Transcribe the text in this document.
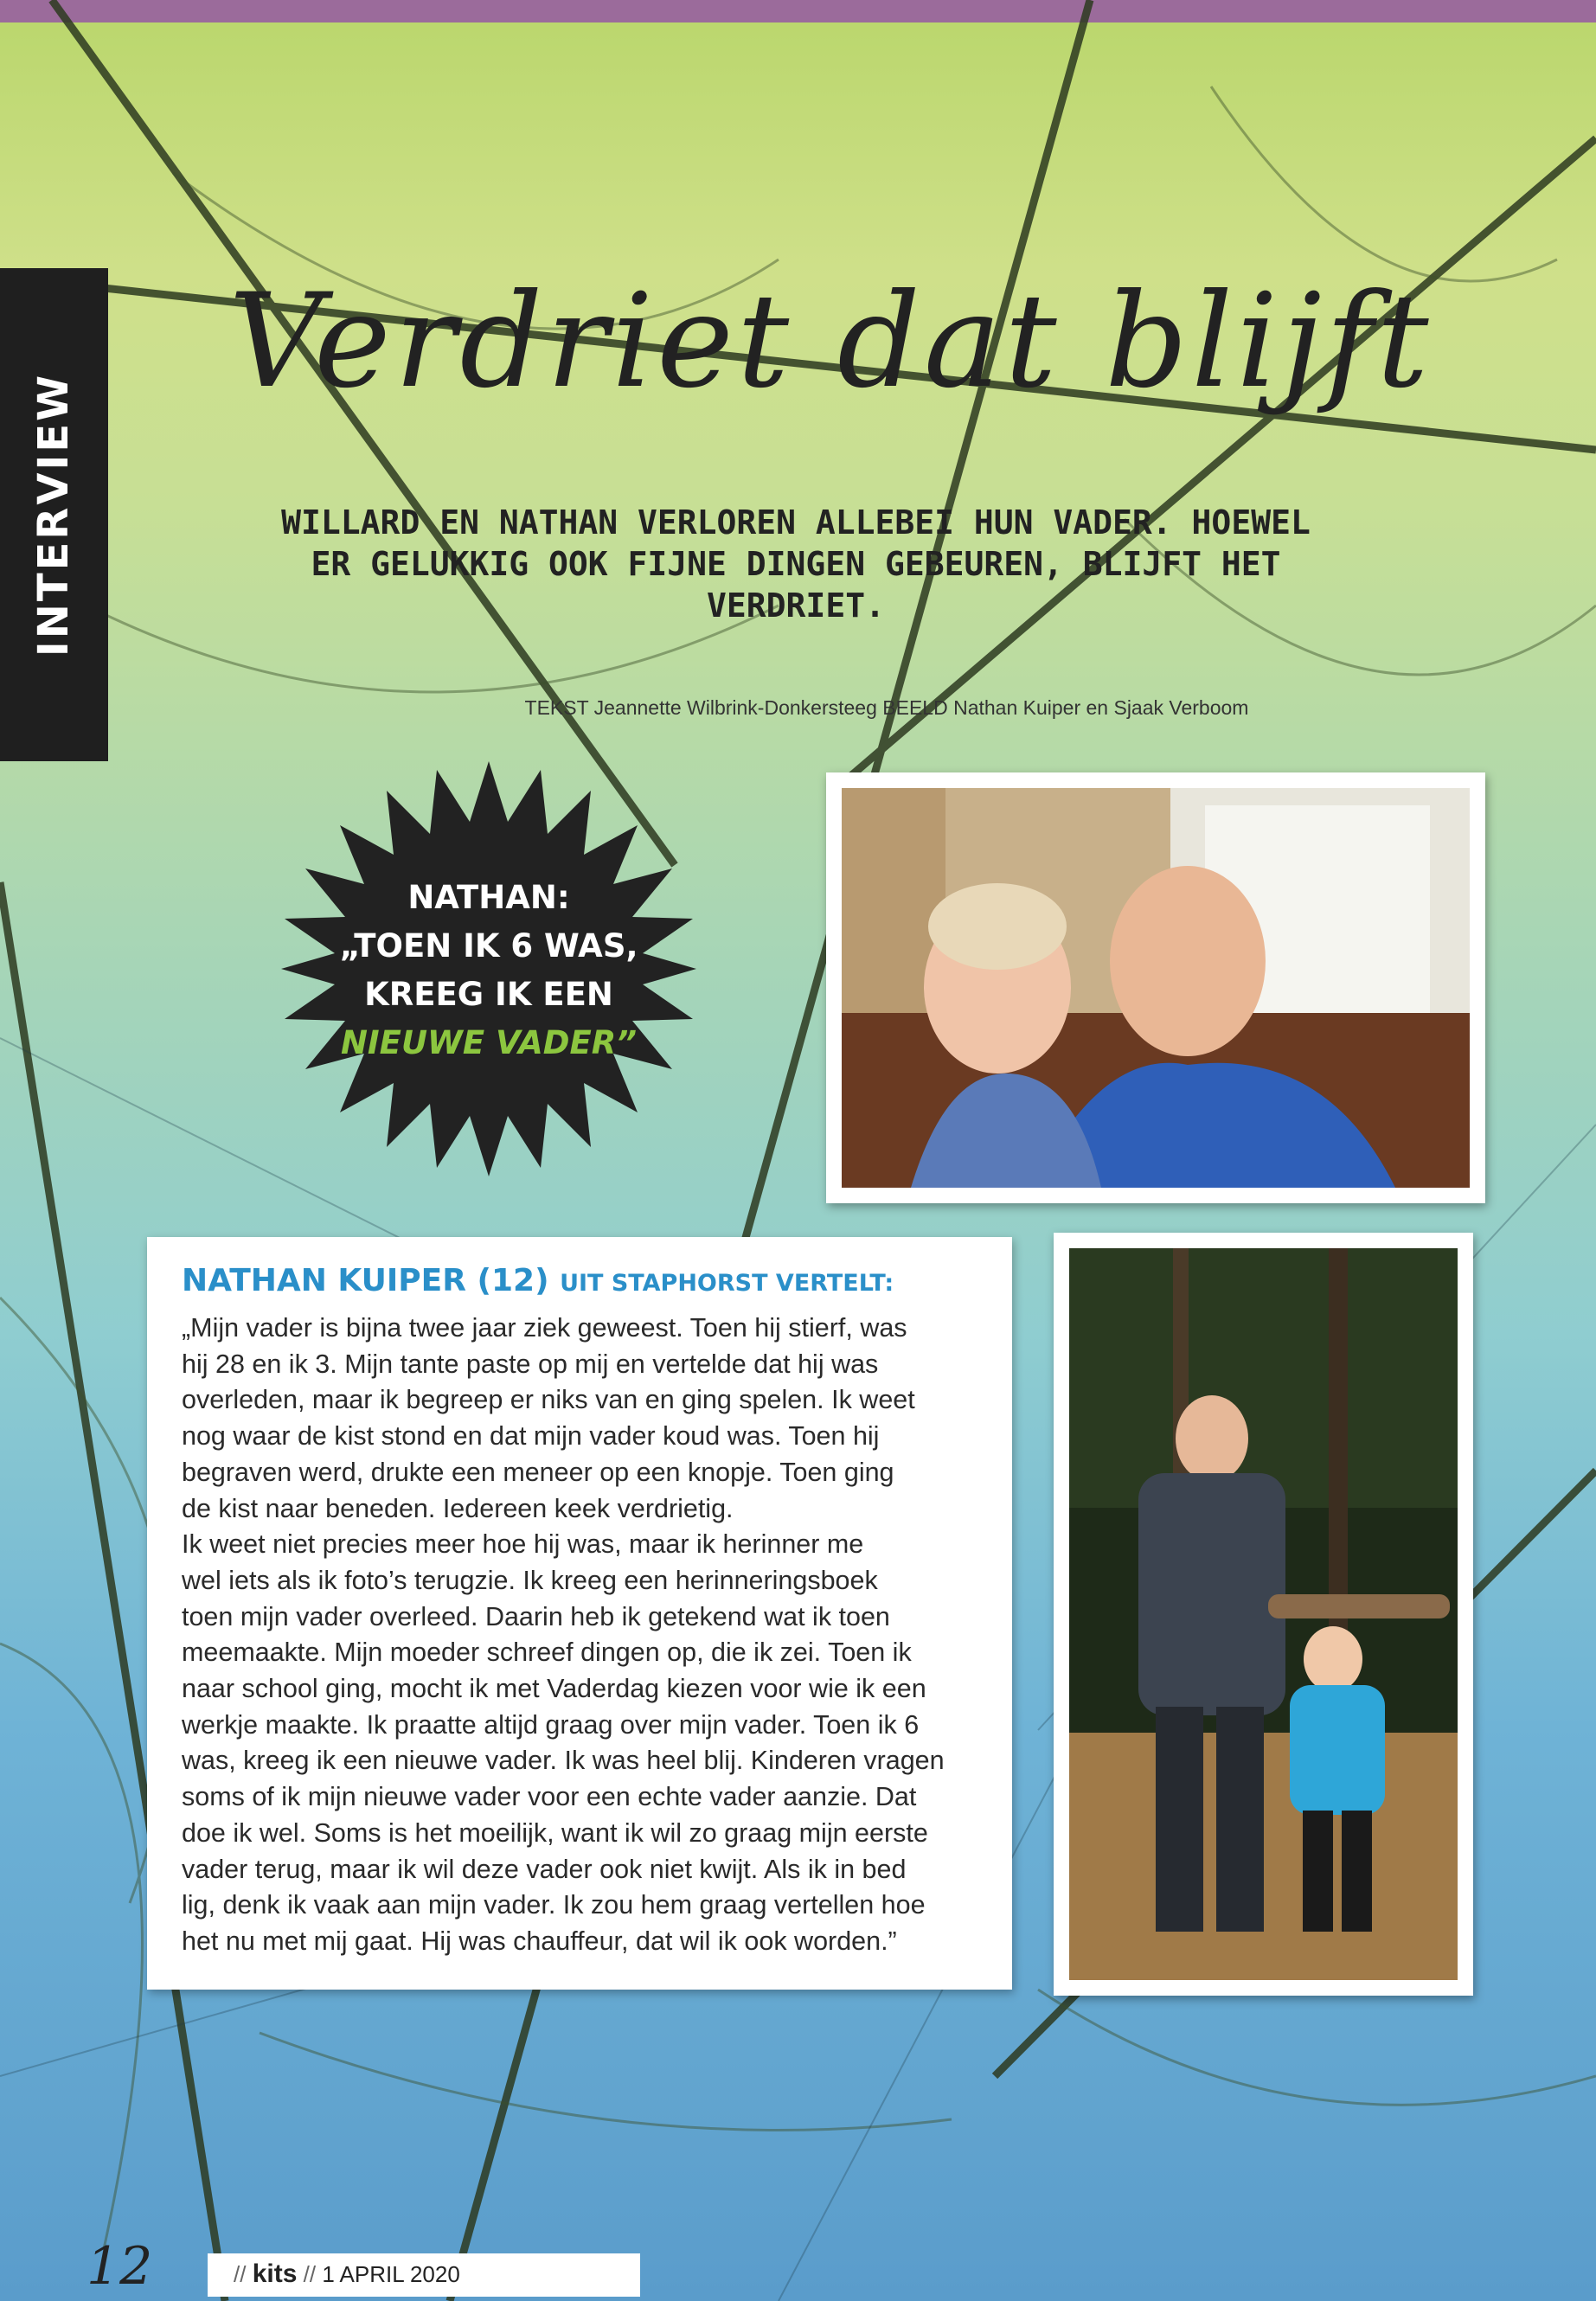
INTERVIEW
Verdriet dat blijft
WILLARD EN NATHAN VERLOREN ALLEBEI HUN VADER. HOEWEL ER GELUKKIG OOK FIJNE DINGEN GEBEUREN, BLIJFT HET VERDRIET.
TEKST Jeannette Wilbrink-Donkersteeg BEELD Nathan Kuiper en Sjaak Verboom
NATHAN:
„TOEN IK 6 WAS,
KREEG IK EEN
NIEUWE VADER”
NATHAN KUIPER (12) UIT STAPHORST VERTELT:
„Mijn vader is bijna twee jaar ziek geweest. Toen hij stierf, was
hij 28 en ik 3. Mijn tante paste op mij en vertelde dat hij was
overleden, maar ik begreep er niks van en ging spelen. Ik weet
nog waar de kist stond en dat mijn vader koud was. Toen hij
begraven werd, drukte een meneer op een knopje. Toen ging
de kist naar beneden. Iedereen keek verdrietig.
Ik weet niet precies meer hoe hij was, maar ik herinner me
wel iets als ik foto’s terugzie. Ik kreeg een herinneringsboek
toen mijn vader overleed. Daarin heb ik getekend wat ik toen
meemaakte. Mijn moeder schreef dingen op, die ik zei. Toen ik
naar school ging, mocht ik met Vaderdag kiezen voor wie ik een
werkje maakte. Ik praatte altijd graag over mijn vader. Toen ik 6
was, kreeg ik een nieuwe vader. Ik was heel blij. Kinderen vragen
soms of ik mijn nieuwe vader voor een echte vader aanzie. Dat
doe ik wel. Soms is het moeilijk, want ik wil zo graag mijn eerste
vader terug, maar ik wil deze vader ook niet kwijt. Als ik in bed
lig, denk ik vaak aan mijn vader. Ik zou hem graag vertellen hoe
het nu met mij gaat. Hij was chauffeur, dat wil ik ook worden.”
12	// kits // 1 APRIL 2020
